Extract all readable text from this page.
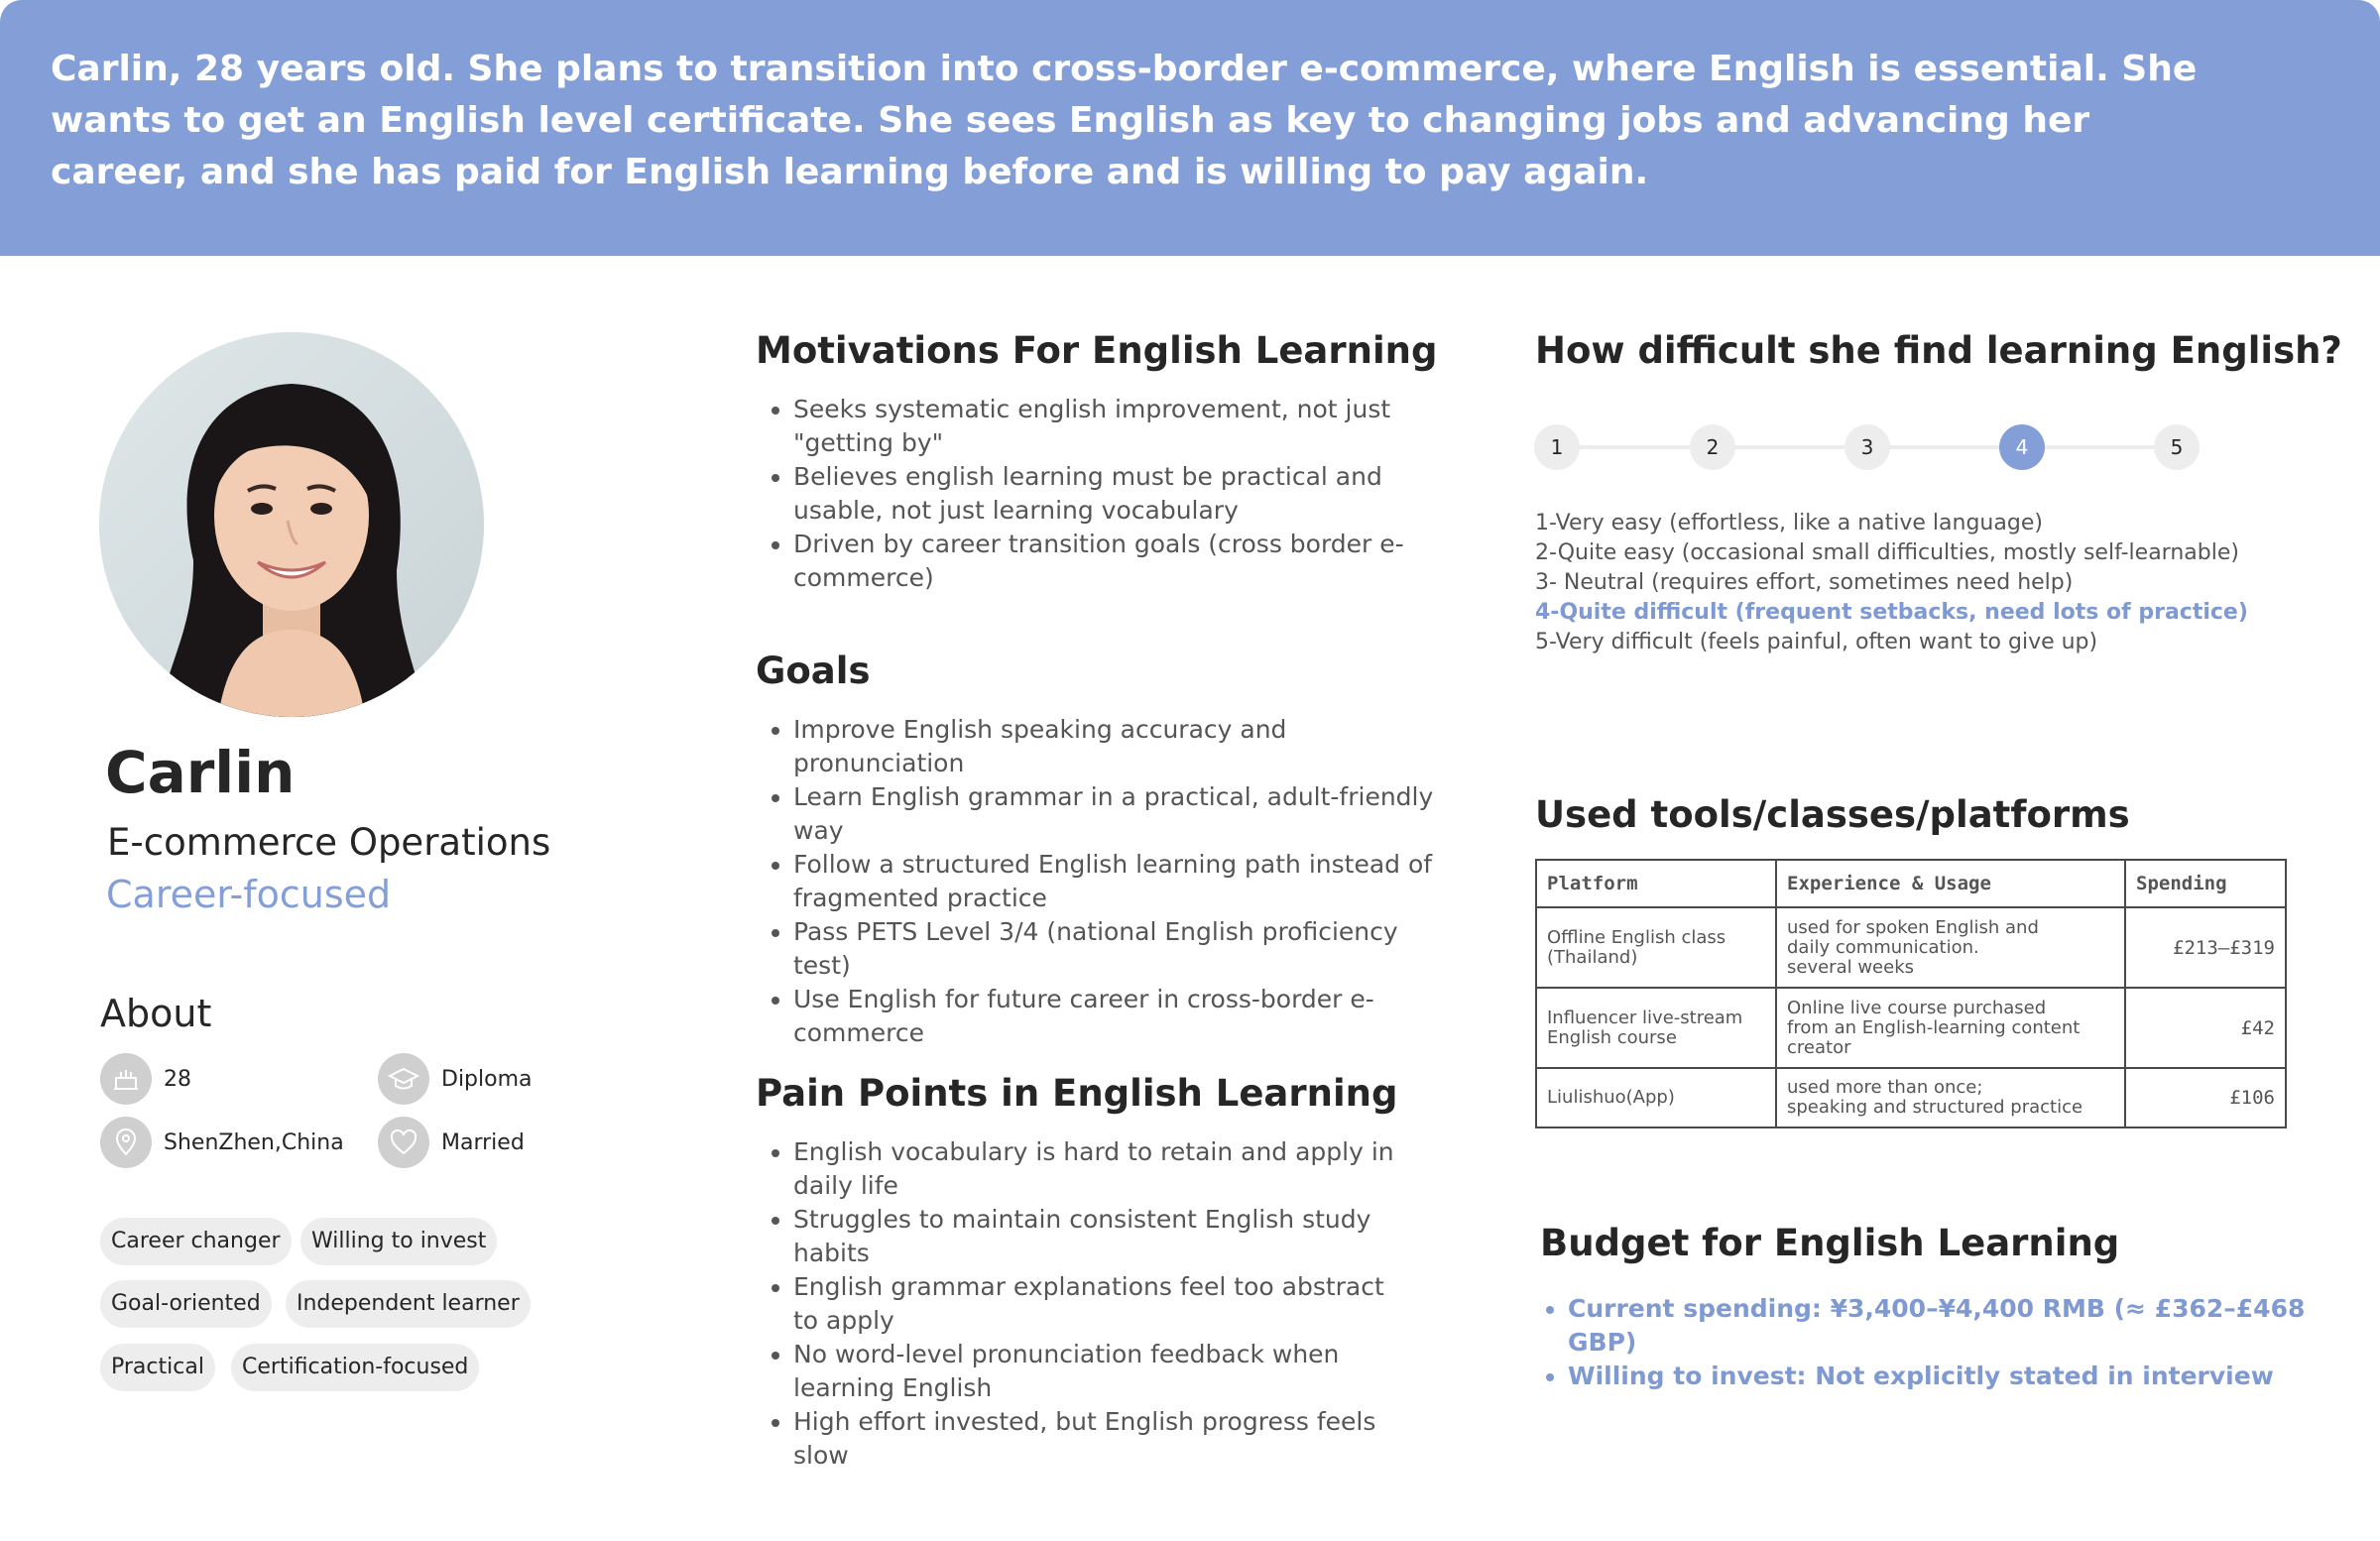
Carlin, 28 years old. She plans to transition into cross-border e-commerce, where English is essential. She wants to get an English level certificate. She sees English as key to changing jobs and advancing her career, and she has paid for English learning before and is willing to pay again.
Carlin
E-commerce Operations
Career-focused
About
28	Diploma
ShenZhen,China	Married
Career changer	Willing to invest
Goal-oriented	Independent learner
Practical	Certification-focused
Motivations For English Learning
• Seeks systematic english improvement, not just "getting by"
• Believes english learning must be practical and usable, not just learning vocabulary
• Driven by career transition goals (cross border e-commerce)
Goals
• Improve English speaking accuracy and pronunciation
• Learn English grammar in a practical, adult-friendly way
• Follow a structured English learning path instead of fragmented practice
• Pass PETS Level 3/4 (national English proficiency test)
• Use English for future career in cross-border e-commerce
Pain Points in English Learning
• English vocabulary is hard to retain and apply in daily life
• Struggles to maintain consistent English study habits
• English grammar explanations feel too abstract to apply
• No word-level pronunciation feedback when learning English
• High effort invested, but English progress feels slow
How difficult she find learning English?
1	2	3	4	5
1-Very easy (effortless, like a native language)
2-Quite easy (occasional small difficulties, mostly self-learnable)
3- Neutral (requires effort, sometimes need help)
4-Quite difficult (frequent setbacks, need lots of practice)
5-Very difficult (feels painful, often want to give up)
Used tools/classes/platforms
Platform	Experience & Usage	Spending
Offline English class (Thailand)	used for spoken English and
daily communication.
several weeks	£213–£319
Influencer live-stream English course	Online live course purchased
from an English-learning content
creator	£42
Liulishuo(App)	used more than once;
speaking and structured practice	£106
Budget for English Learning
• Current spending: ¥3,400–¥4,400 RMB (≈ £362–£468 GBP)
• Willing to invest: Not explicitly stated in interview
